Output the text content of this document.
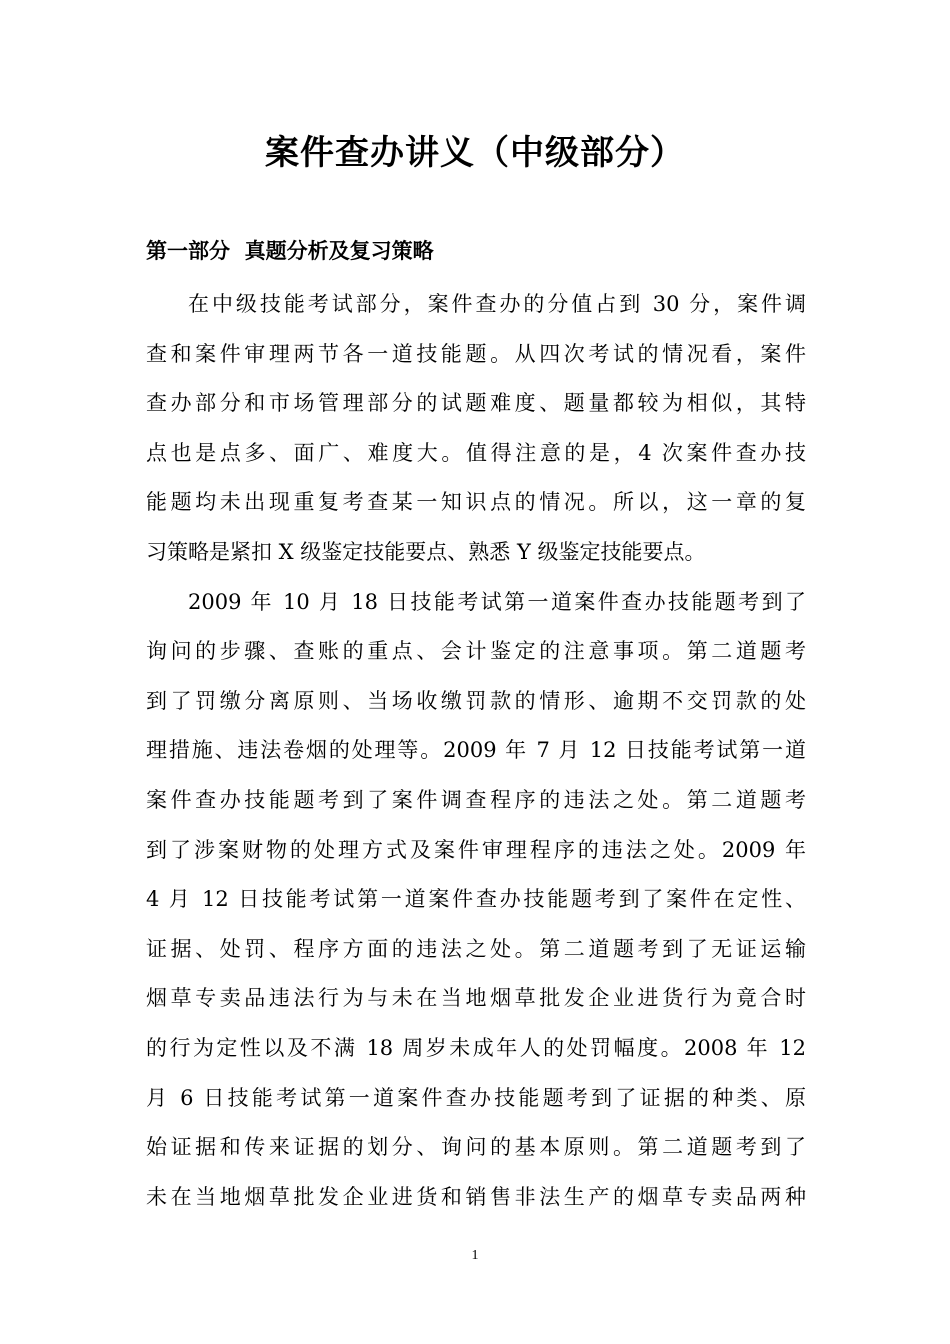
案件查办讲义（中级部分）
第一部分  真题分析及复习策略
在中级技能考试部分，案件查办的分值占到 30 分，案件调
查和案件审理两节各一道技能题。从四次考试的情况看，案件
查办部分和市场管理部分的试题难度、题量都较为相似，其特
点也是点多、面广、难度大。值得注意的是，4 次案件查办技
能题均未出现重复考查某一知识点的情况。所以，这一章的复
习策略是紧扣 X 级鉴定技能要点、熟悉 Y 级鉴定技能要点。
2009 年 10 月 18 日技能考试第一道案件查办技能题考到了
询问的步骤、查账的重点、会计鉴定的注意事项。第二道题考
到了罚缴分离原则、当场收缴罚款的情形、逾期不交罚款的处
理措施、违法卷烟的处理等。2009 年 7 月 12 日技能考试第一道
案件查办技能题考到了案件调查程序的违法之处。第二道题考
到了涉案财物的处理方式及案件审理程序的违法之处。2009 年
4 月 12 日技能考试第一道案件查办技能题考到了案件在定性、
证据、处罚、程序方面的违法之处。第二道题考到了无证运输
烟草专卖品违法行为与未在当地烟草批发企业进货行为竟合时
的行为定性以及不满 18 周岁未成年人的处罚幅度。2008 年 12
月 6 日技能考试第一道案件查办技能题考到了证据的种类、原
始证据和传来证据的划分、询问的基本原则。第二道题考到了
未在当地烟草批发企业进货和销售非法生产的烟草专卖品两种
1
